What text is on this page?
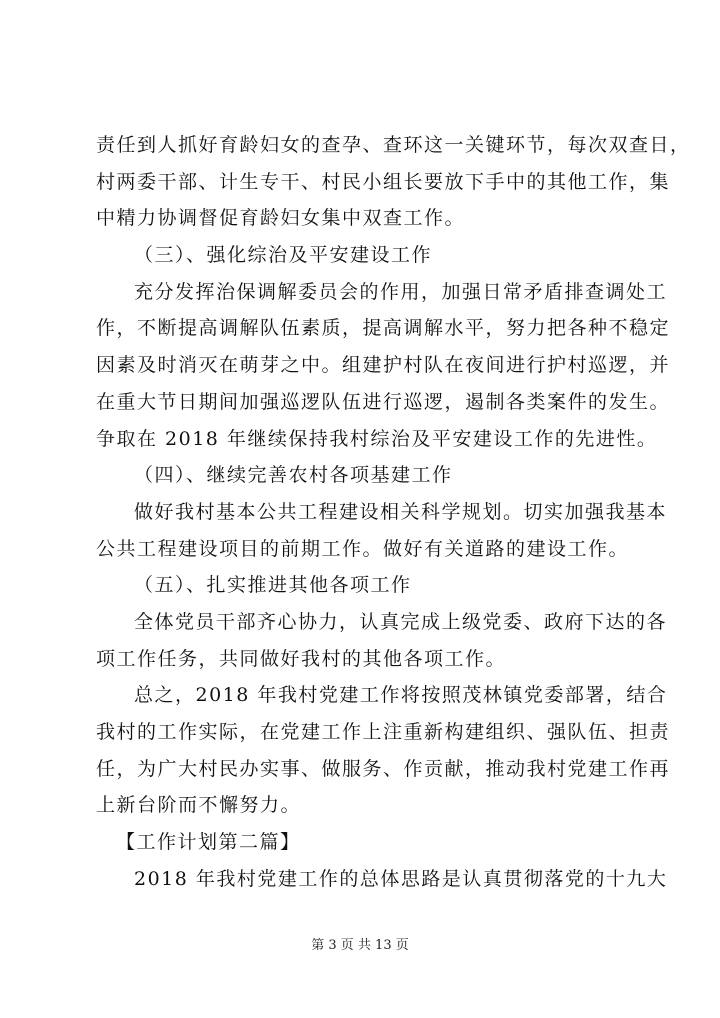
责任到人抓好育龄妇女的查孕、查环这一关键环节，每次双查日，
村两委干部、计生专干、村民小组长要放下手中的其他工作，集
中精力协调督促育龄妇女集中双查工作。
（三）、强化综治及平安建设工作
充分发挥治保调解委员会的作用，加强日常矛盾排查调处工
作，不断提高调解队伍素质，提高调解水平，努力把各种不稳定
因素及时消灭在萌芽之中。组建护村队在夜间进行护村巡逻，并
在重大节日期间加强巡逻队伍进行巡逻，遏制各类案件的发生。
争取在 2018 年继续保持我村综治及平安建设工作的先进性。
（四）、继续完善农村各项基建工作
做好我村基本公共工程建设相关科学规划。切实加强我基本
公共工程建设项目的前期工作。做好有关道路的建设工作。
（五）、扎实推进其他各项工作
全体党员干部齐心协力，认真完成上级党委、政府下达的各
项工作任务，共同做好我村的其他各项工作。
总之，2018 年我村党建工作将按照茂林镇党委部署，结合
我村的工作实际，在党建工作上注重新构建组织、强队伍、担责
任，为广大村民办实事、做服务、作贡献，推动我村党建工作再
上新台阶而不懈努力。
【工作计划第二篇】
2018 年我村党建工作的总体思路是认真贯彻落党的十九大
第 3 页 共 13 页
